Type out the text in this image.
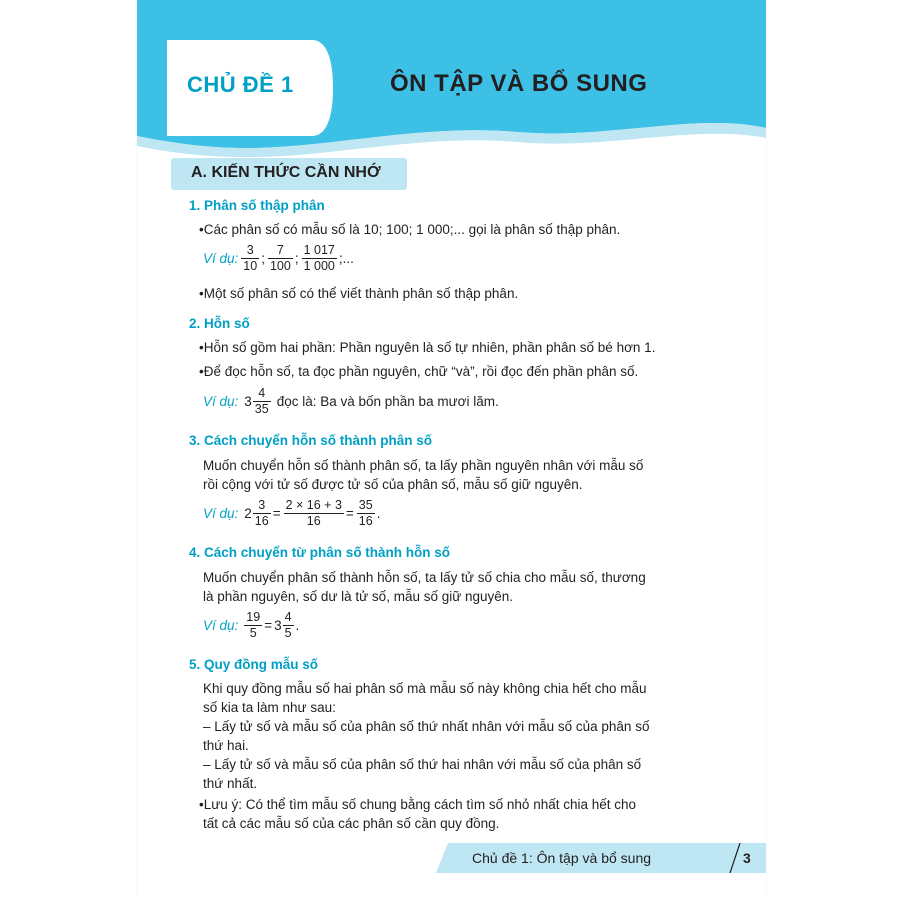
CHỦ ĐỀ 1	ÔN TẬP VÀ BỔ SUNG
A. KIẾN THỨC CẦN NHỚ
1. Phân số thập phân
•Các phân số có mẫu số là 10; 100; 1 000;... gọi là phân số thập phân.
Ví dụ: $\frac{3}{10}$ ; $\frac{7}{100}$ ; $\frac{1 017}{1 000}$ ;...
•Một số phân số có thể viết thành phân số thập phân.
2. Hỗn số
•Hỗn số gồm hai phần: Phần nguyên là số tự nhiên, phần phân số bé hơn 1.
•Để đọc hỗn số, ta đọc phần nguyên, chữ “và”, rồi đọc đến phần phân số.
Ví dụ: $3 \frac{4}{35}$ đọc là: Ba và bốn phần ba mươi lăm.
3. Cách chuyển hỗn số thành phân số
Muốn chuyển hỗn số thành phân số, ta lấy phần nguyên nhân với mẫu số
rồi cộng với tử số được tử số của phân số, mẫu số giữ nguyên.
Ví dụ: $2 \frac{3}{16} = \frac{2 \times 16 + 3}{16} = \frac{35}{16}$ .
4. Cách chuyển từ phân số thành hỗn số
Muốn chuyển phân số thành hỗn số, ta lấy tử số chia cho mẫu số, thương
là phần nguyên, số dư là tử số, mẫu số giữ nguyên.
Ví dụ: $\frac{19}{5} = 3 \frac{4}{5}$ .
5. Quy đồng mẫu số
Khi quy đồng mẫu số hai phân số mà mẫu số này không chia hết cho mẫu
số kia ta làm như sau:
– Lấy tử số và mẫu số của phân số thứ nhất nhân với mẫu số của phân số
thứ hai.
– Lấy tử số và mẫu số của phân số thứ hai nhân với mẫu số của phân số
thứ nhất.
•Lưu ý: Có thể tìm mẫu số chung bằng cách tìm số nhỏ nhất chia hết cho
tất cả các mẫu số của các phân số cần quy đồng.
Chủ đề 1: Ôn tập và bổ sung	3
